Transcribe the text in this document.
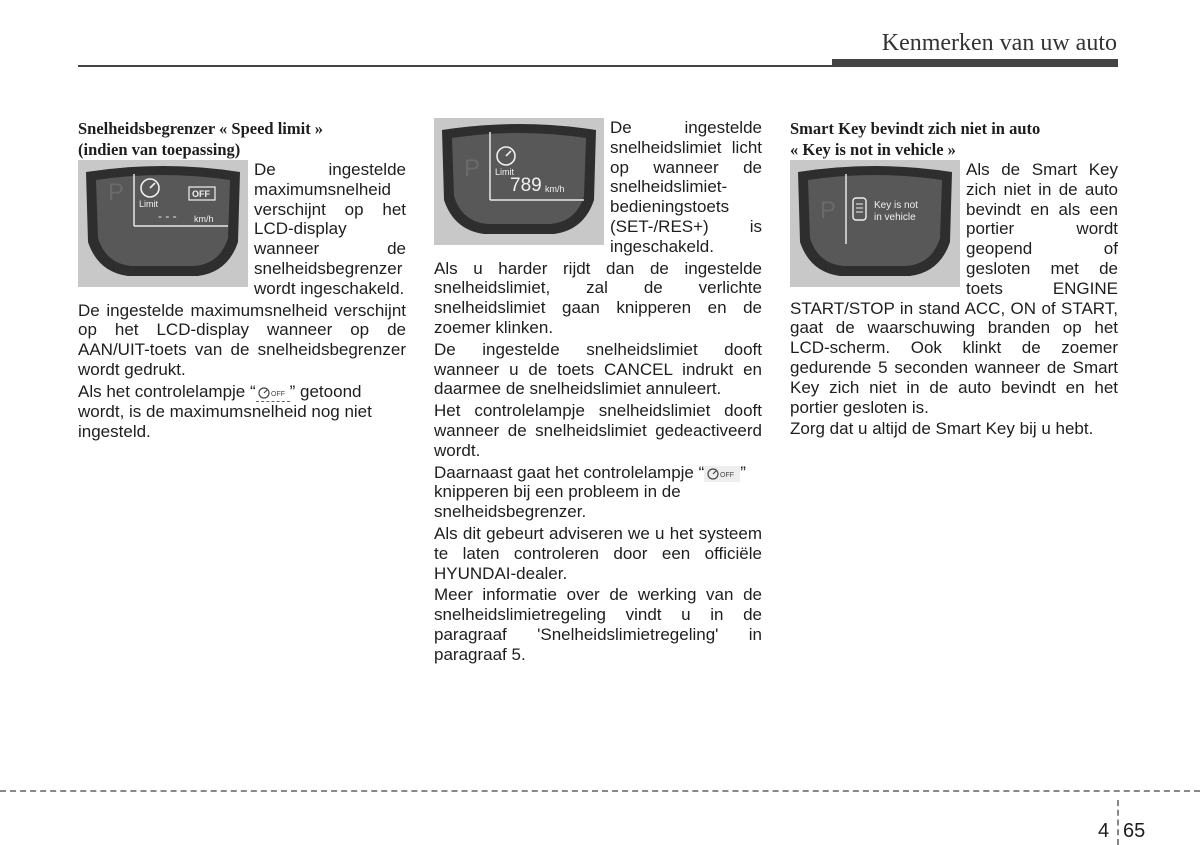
Kenmerken van uw auto
Snelheidsbegrenzer « Speed limit »
(indien van toepassing)
P Limit
OFF
- - - km/h

De ingestelde maximumsnelheid verschijnt op het LCD-display wanneer de snelheidsbegrenzer wordt ingeschakeld.

De ingestelde maximumsnelheid verschijnt op het LCD-display wanneer op de AAN/UIT-toets van de snelheidsbegrenzer wordt gedrukt.

Als het controlelampje “ OFF ” getoond wordt, is de maximumsnelheid nog niet ingesteld.

P Limit
789 km/h

De ingestelde snelheidslimiet licht op wanneer de snelheidslimiet-bedieningstoets (SET-/RES+) is ingeschakeld.

Als u harder rijdt dan de ingestelde snelheidslimiet, zal de verlichte snelheidslimiet gaan knipperen en de zoemer klinken.

De ingestelde snelheidslimiet dooft wanneer u de toets CANCEL indrukt en daarmee de snelheidslimiet annuleert.

Het controlelampje snelheidslimiet dooft wanneer de snelheidslimiet gedeactiveerd wordt.

Daarnaast gaat het controlelampje “ OFF ” knipperen bij een probleem in de snelheidsbegrenzer.

Als dit gebeurt adviseren we u het systeem te laten controleren door een officiële HYUNDAI-dealer.

Meer informatie over de werking van de snelheidslimietregeling vindt u in de paragraaf 'Snelheidslimietregeling' in paragraaf 5.

Smart Key bevindt zich niet in auto
« Key is not in vehicle »
P	Key is not
in vehicle

Als de Smart Key zich niet in de auto bevindt en als een portier wordt geopend of gesloten met de toets ENGINE START/STOP in stand ACC, ON of START, gaat de waarschuwing branden op het LCD-scherm. Ook klinkt de zoemer gedurende 5 seconden wanneer de Smart Key zich niet in de auto bevindt en het portier gesloten is.

Zorg dat u altijd de Smart Key bij u hebt.

4 65
